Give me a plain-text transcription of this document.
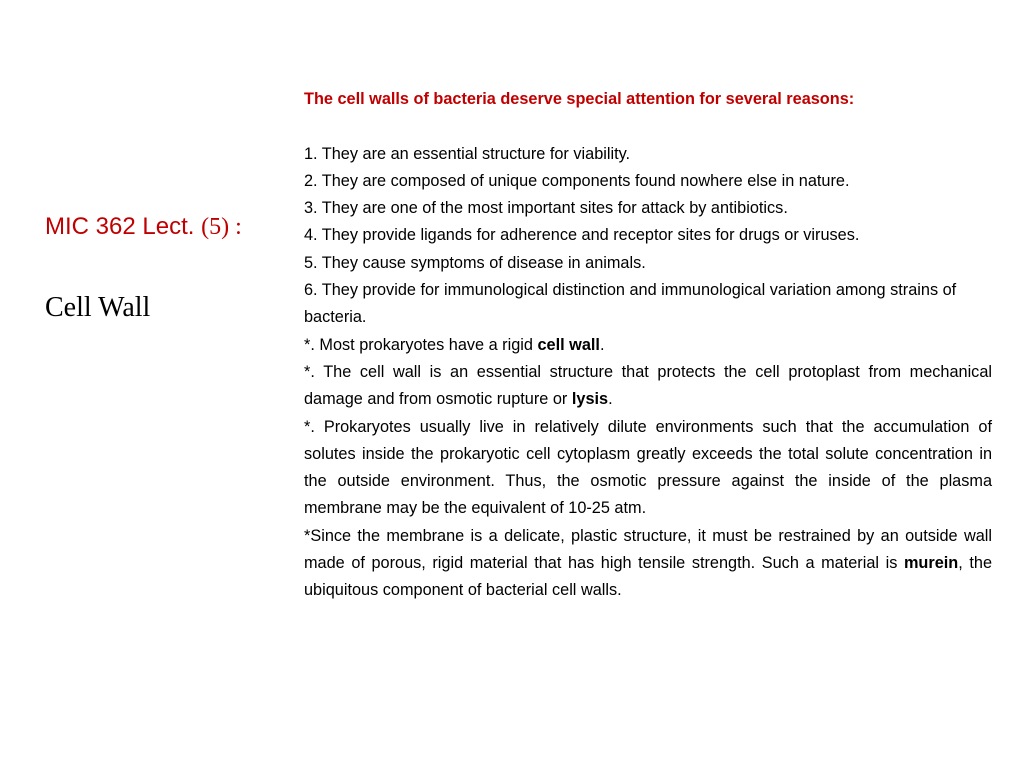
MIC 362 Lect. (5) :
Cell Wall

The cell walls of bacteria deserve special attention for several reasons:

1. They are an essential structure for viability.

2. They are composed of unique components found nowhere else in nature.

3. They are one of the most important sites for attack by antibiotics.

4. They provide ligands for adherence and receptor sites for drugs or viruses.

5. They cause symptoms of disease in animals.

6. They provide for immunological distinction and immunological variation among strains of bacteria.

*. Most prokaryotes have a rigid cell wall.

*. The cell wall is an essential structure that protects the cell protoplast from mechanical damage and from osmotic rupture or lysis.

*. Prokaryotes usually live in relatively dilute environments such that the accumulation of solutes inside the prokaryotic cell cytoplasm greatly exceeds the total solute concentration in the outside environment. Thus, the osmotic pressure against the inside of the plasma membrane may be the equivalent of 10-25 atm.

*Since the membrane is a delicate, plastic structure, it must be restrained by an outside wall made of porous, rigid material that has high tensile strength. Such a material is murein, the ubiquitous component of bacterial cell walls.
